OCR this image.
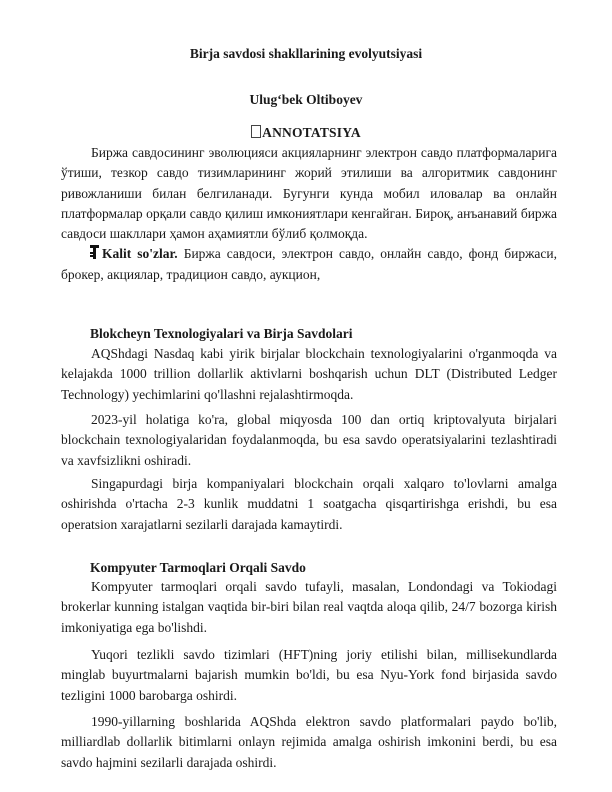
Birja savdosi shakllarining evolyutsiyasi
Ulug‘bek Oltiboyev
ANNOTATSIYA
Биржа савдосининг эволюцияси акцияларнинг электрон савдо платформаларига ўтиши, тезкор савдо тизимларининг жорий этилиши ва алгоритмик савдонинг ривожланиши билан белгиланади. Бугунги кунда мобил иловалар ва онлайн платформалар орқали савдо қилиш имкониятлари кенгайган. Бироқ, анъанавий биржа савдоси шакллари ҳамон аҳамиятли бўлиб қолмоқда.
Kalit so'zlar. Биржа савдоси, электрон савдо, онлайн савдо, фонд биржаси, брокер, акциялар, традицион савдо, аукцион,
Blokcheyn Texnologiyalari va Birja Savdolari
AQShdagi Nasdaq kabi yirik birjalar blockchain texnologiyalarini o'rganmoqda va kelajakda 1000 trillion dollarlik aktivlarni boshqarish uchun DLT (Distributed Ledger Technology) yechimlarini qo'llashni rejalashtirmoqda.
2023-yil holatiga ko'ra, global miqyosda 100 dan ortiq kriptovalyuta birjalari blockchain texnologiyalaridan foydalanmoqda, bu esa savdo operatsiyalarini tezlashtiradi va xavfsizlikni oshiradi.
Singapurdagi birja kompaniyalari blockchain orqali xalqaro to'lovlarni amalga oshirishda o'rtacha 2-3 kunlik muddatni 1 soatgacha qisqartirishga erishdi, bu esa operatsion xarajatlarni sezilarli darajada kamaytirdi.
Kompyuter Tarmoqlari Orqali Savdo
Kompyuter tarmoqlari orqali savdo tufayli, masalan, Londondagi va Tokiodagi brokerlar kunning istalgan vaqtida bir-biri bilan real vaqtda aloqa qilib, 24/7 bozorga kirish imkoniyatiga ega bo'lishdi.
Yuqori tezlikli savdo tizimlari (HFT)ning joriy etilishi bilan, millisekundlarda minglab buyurtmalarni bajarish mumkin bo'ldi, bu esa Nyu-York fond birjasida savdo tezligini 1000 barobarga oshirdi.
1990-yillarning boshlarida AQShda elektron savdo platformalari paydo bo'lib, milliardlab dollarlik bitimlarni onlayn rejimida amalga oshirish imkonini berdi, bu esa savdo hajmini sezilarli darajada oshirdi.
